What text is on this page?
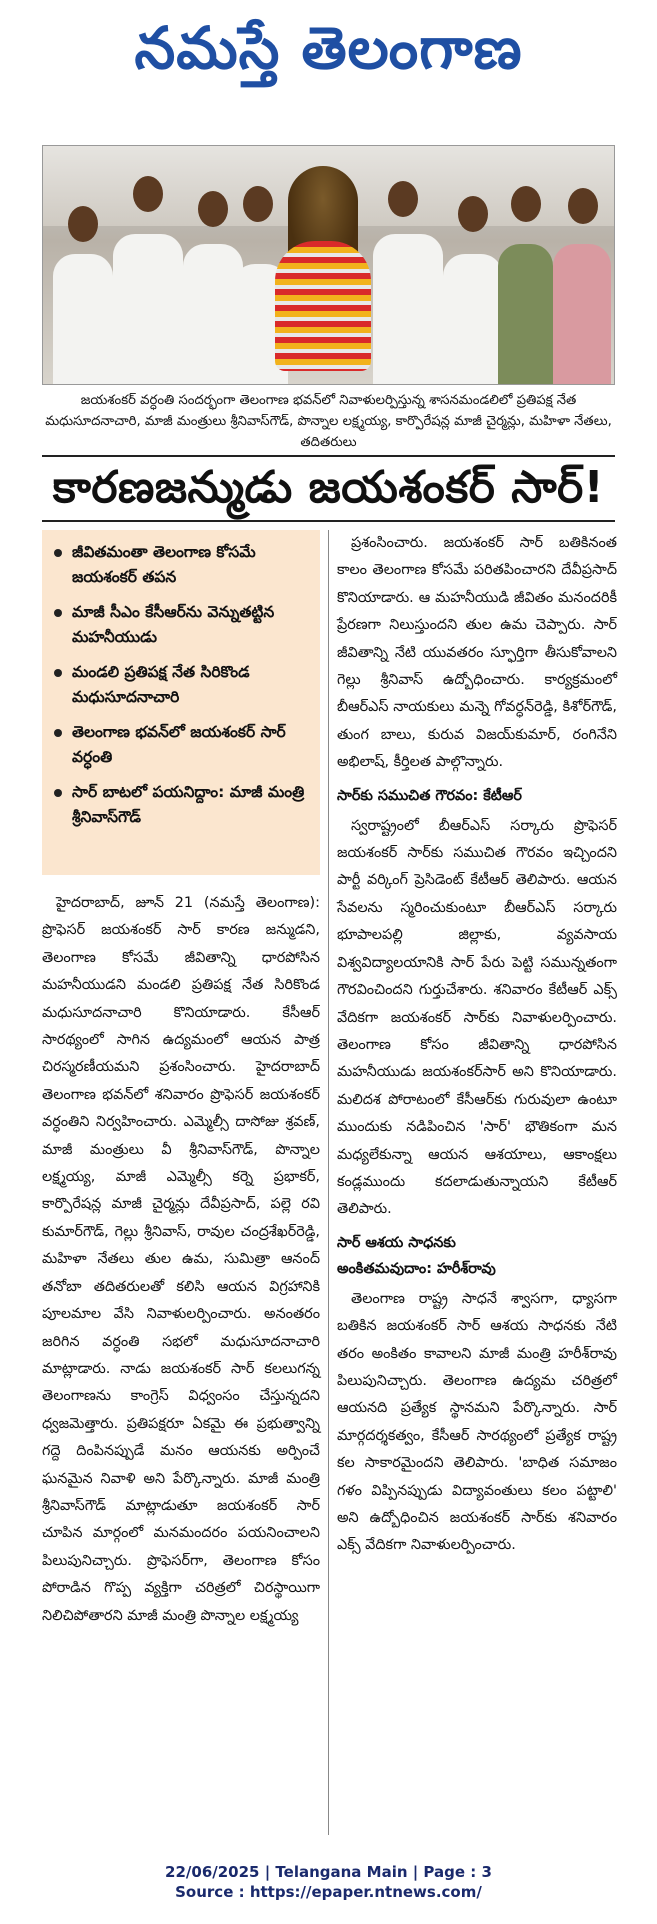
నమస్తే తెలంగాణ
జయశంకర్ వర్ధంతి సందర్భంగా తెలంగాణ భవన్‌లో నివాళులర్పిస్తున్న శాసనమండలిలో ప్రతిపక్ష నేత మధుసూదనాచారి, మాజీ మంత్రులు శ్రీనివాస్‌గౌడ్, పొన్నాల లక్ష్మయ్య, కార్పొరేషన్ల మాజీ చైర్మన్లు, మహిళా నేతలు, తదితరులు
కారణజన్ముడు జయశంకర్ సార్!
జీవితమంతా తెలంగాణ కోసమే జయశంకర్ తపన
మాజీ సీఎం కేసీఆర్‌ను వెన్నుతట్టిన మహనీయుడు
మండలి ప్రతిపక్ష నేత సిరికొండ మధుసూదనాచారి
తెలంగాణ భవన్‌లో జయశంకర్ సార్ వర్ధంతి
సార్ బాటలో పయనిద్దాం: మాజీ మంత్రి శ్రీనివాస్‌గౌడ్

హైదరాబాద్, జూన్ 21 (నమస్తే తెలంగాణ): ప్రొఫెసర్ జయశంకర్ సార్ కారణ జన్ముడని, తెలంగాణ కోసమే జీవితాన్ని ధారపోసిన మహనీయుడని మండలి ప్రతిపక్ష నేత సిరికొండ మధుసూదనాచారి కొనియాడారు. కేసీఆర్ సారథ్యంలో సాగిన ఉద్యమంలో ఆయన పాత్ర చిరస్మరణీయమని ప్రశంసించారు. హైదరాబాద్ తెలంగాణ భవన్‌లో శనివారం ప్రొఫెసర్ జయశంకర్ వర్ధంతిని నిర్వహించారు. ఎమ్మెల్సీ దాసోజు శ్రవణ్, మాజీ మంత్రులు వీ శ్రీనివాస్‌గౌడ్, పొన్నాల లక్ష్మయ్య, మాజీ ఎమ్మెల్సీ కర్నె ప్రభాకర్, కార్పొరేషన్ల మాజీ చైర్మన్లు దేవీప్రసాద్, పల్లె రవి కుమార్‌గౌడ్, గెల్లు శ్రీనివాస్, రావుల చంద్రశేఖర్‌రెడ్డి, మహిళా నేతలు తుల ఉమ, సుమిత్రా ఆనంద్ తనోబా తదితరులతో కలిసి ఆయన విగ్రహానికి పూలమాల వేసి నివాళులర్పించారు. అనంతరం జరిగిన వర్ధంతి సభలో మధుసూదనాచారి మాట్లాడారు. నాడు జయశంకర్ సార్ కలలుగన్న తెలంగాణను కాంగ్రెస్ విధ్వంసం చేస్తున్నదని ధ్వజమెత్తారు. ప్రతిపక్షరూ ఏకమై ఈ ప్రభుత్వాన్ని గద్దె దింపినప్పుడే మనం ఆయనకు అర్పించే ఘనమైన నివాళి అని పేర్కొన్నారు. మాజీ మంత్రి శ్రీనివాస్‌గౌడ్ మాట్లాడుతూ జయశంకర్ సార్ చూపిన మార్గంలో మనమందరం పయనించాలని పిలుపునిచ్చారు. ప్రొఫెసర్‌గా, తెలంగాణ కోసం పోరాడిన గొప్ప వ్యక్తిగా చరిత్రలో చిరస్థాయిగా నిలిచిపోతారని మాజీ మంత్రి పొన్నాల లక్ష్మయ్య

ప్రశంసించారు. జయశంకర్ సార్ బతికినంత కాలం తెలంగాణ కోసమే పరితపించారని దేవీప్రసాద్ కొనియాడారు. ఆ మహనీయుడి జీవితం మనందరికీ ప్రేరణగా నిలుస్తుందని తుల ఉమ చెప్పారు. సార్ జీవితాన్ని నేటి యువతరం స్ఫూర్తిగా తీసుకోవాలని గెల్లు శ్రీనివాస్ ఉద్బోధించారు. కార్యక్రమంలో బీఆర్‌ఎస్ నాయకులు మన్నె గోవర్ధన్‌రెడ్డి, కిశోర్‌గౌడ్, తుంగ బాలు, కురువ విజయ్‌కుమార్, రంగినేని అభిలాష్, కీర్తిలత పాల్గొన్నారు.

సార్‌కు సముచిత గౌరవం: కేటీఆర్

స్వరాష్ట్రంలో బీఆర్‌ఎస్ సర్కారు ప్రొఫెసర్ జయశంకర్ సార్‌కు సముచిత గౌరవం ఇచ్చిందని పార్టీ వర్కింగ్ ప్రెసిడెంట్ కేటీఆర్ తెలిపారు. ఆయన సేవలను స్మరించుకుంటూ బీఆర్‌ఎస్ సర్కారు భూపాలపల్లి జిల్లాకు, వ్యవసాయ విశ్వవిద్యాలయానికి సార్ పేరు పెట్టి సమున్నతంగా గౌరవించిందని గుర్తుచేశారు. శనివారం కేటీఆర్ ఎక్స్ వేదికగా జయశంకర్ సార్‌కు నివాళులర్పించారు. తెలంగాణ కోసం జీవితాన్ని ధారపోసిన మహనీయుడు జయశంకర్‌సార్ అని కొనియాడారు. మలిదశ పోరాటంలో కేసీఆర్‌కు గురువులా ఉంటూ ముందుకు నడిపించిన 'సార్' భౌతికంగా మన మధ్యలేకున్నా ఆయన ఆశయాలు, ఆకాంక్షలు కండ్లముందు కదలాడుతున్నాయని కేటీఆర్ తెలిపారు.

సార్ ఆశయ సాధనకు

అంకితమవుదాం: హరీశ్‌రావు

తెలంగాణ రాష్ట్ర సాధనే శ్వాసగా, ధ్యాసగా బతికిన జయశంకర్ సార్ ఆశయ సాధనకు నేటి తరం అంకితం కావాలని మాజీ మంత్రి హరీశ్‌రావు పిలుపునిచ్చారు. తెలంగాణ ఉద్యమ చరిత్రలో ఆయనది ప్రత్యేక స్థానమని పేర్కొన్నారు. సార్ మార్గదర్శకత్వం, కేసీఆర్ సారథ్యంలో ప్రత్యేక రాష్ట్ర కల సాకారమైందని తెలిపారు. 'బాధిత సమాజం గళం విప్పినప్పుడు విద్యావంతులు కలం పట్టాలి' అని ఉద్బోధించిన జయశంకర్ సార్‌కు శనివారం ఎక్స్ వేదికగా నివాళులర్పించారు.

22/06/2025 | Telangana Main | Page : 3
Source : https://epaper.ntnews.com/
